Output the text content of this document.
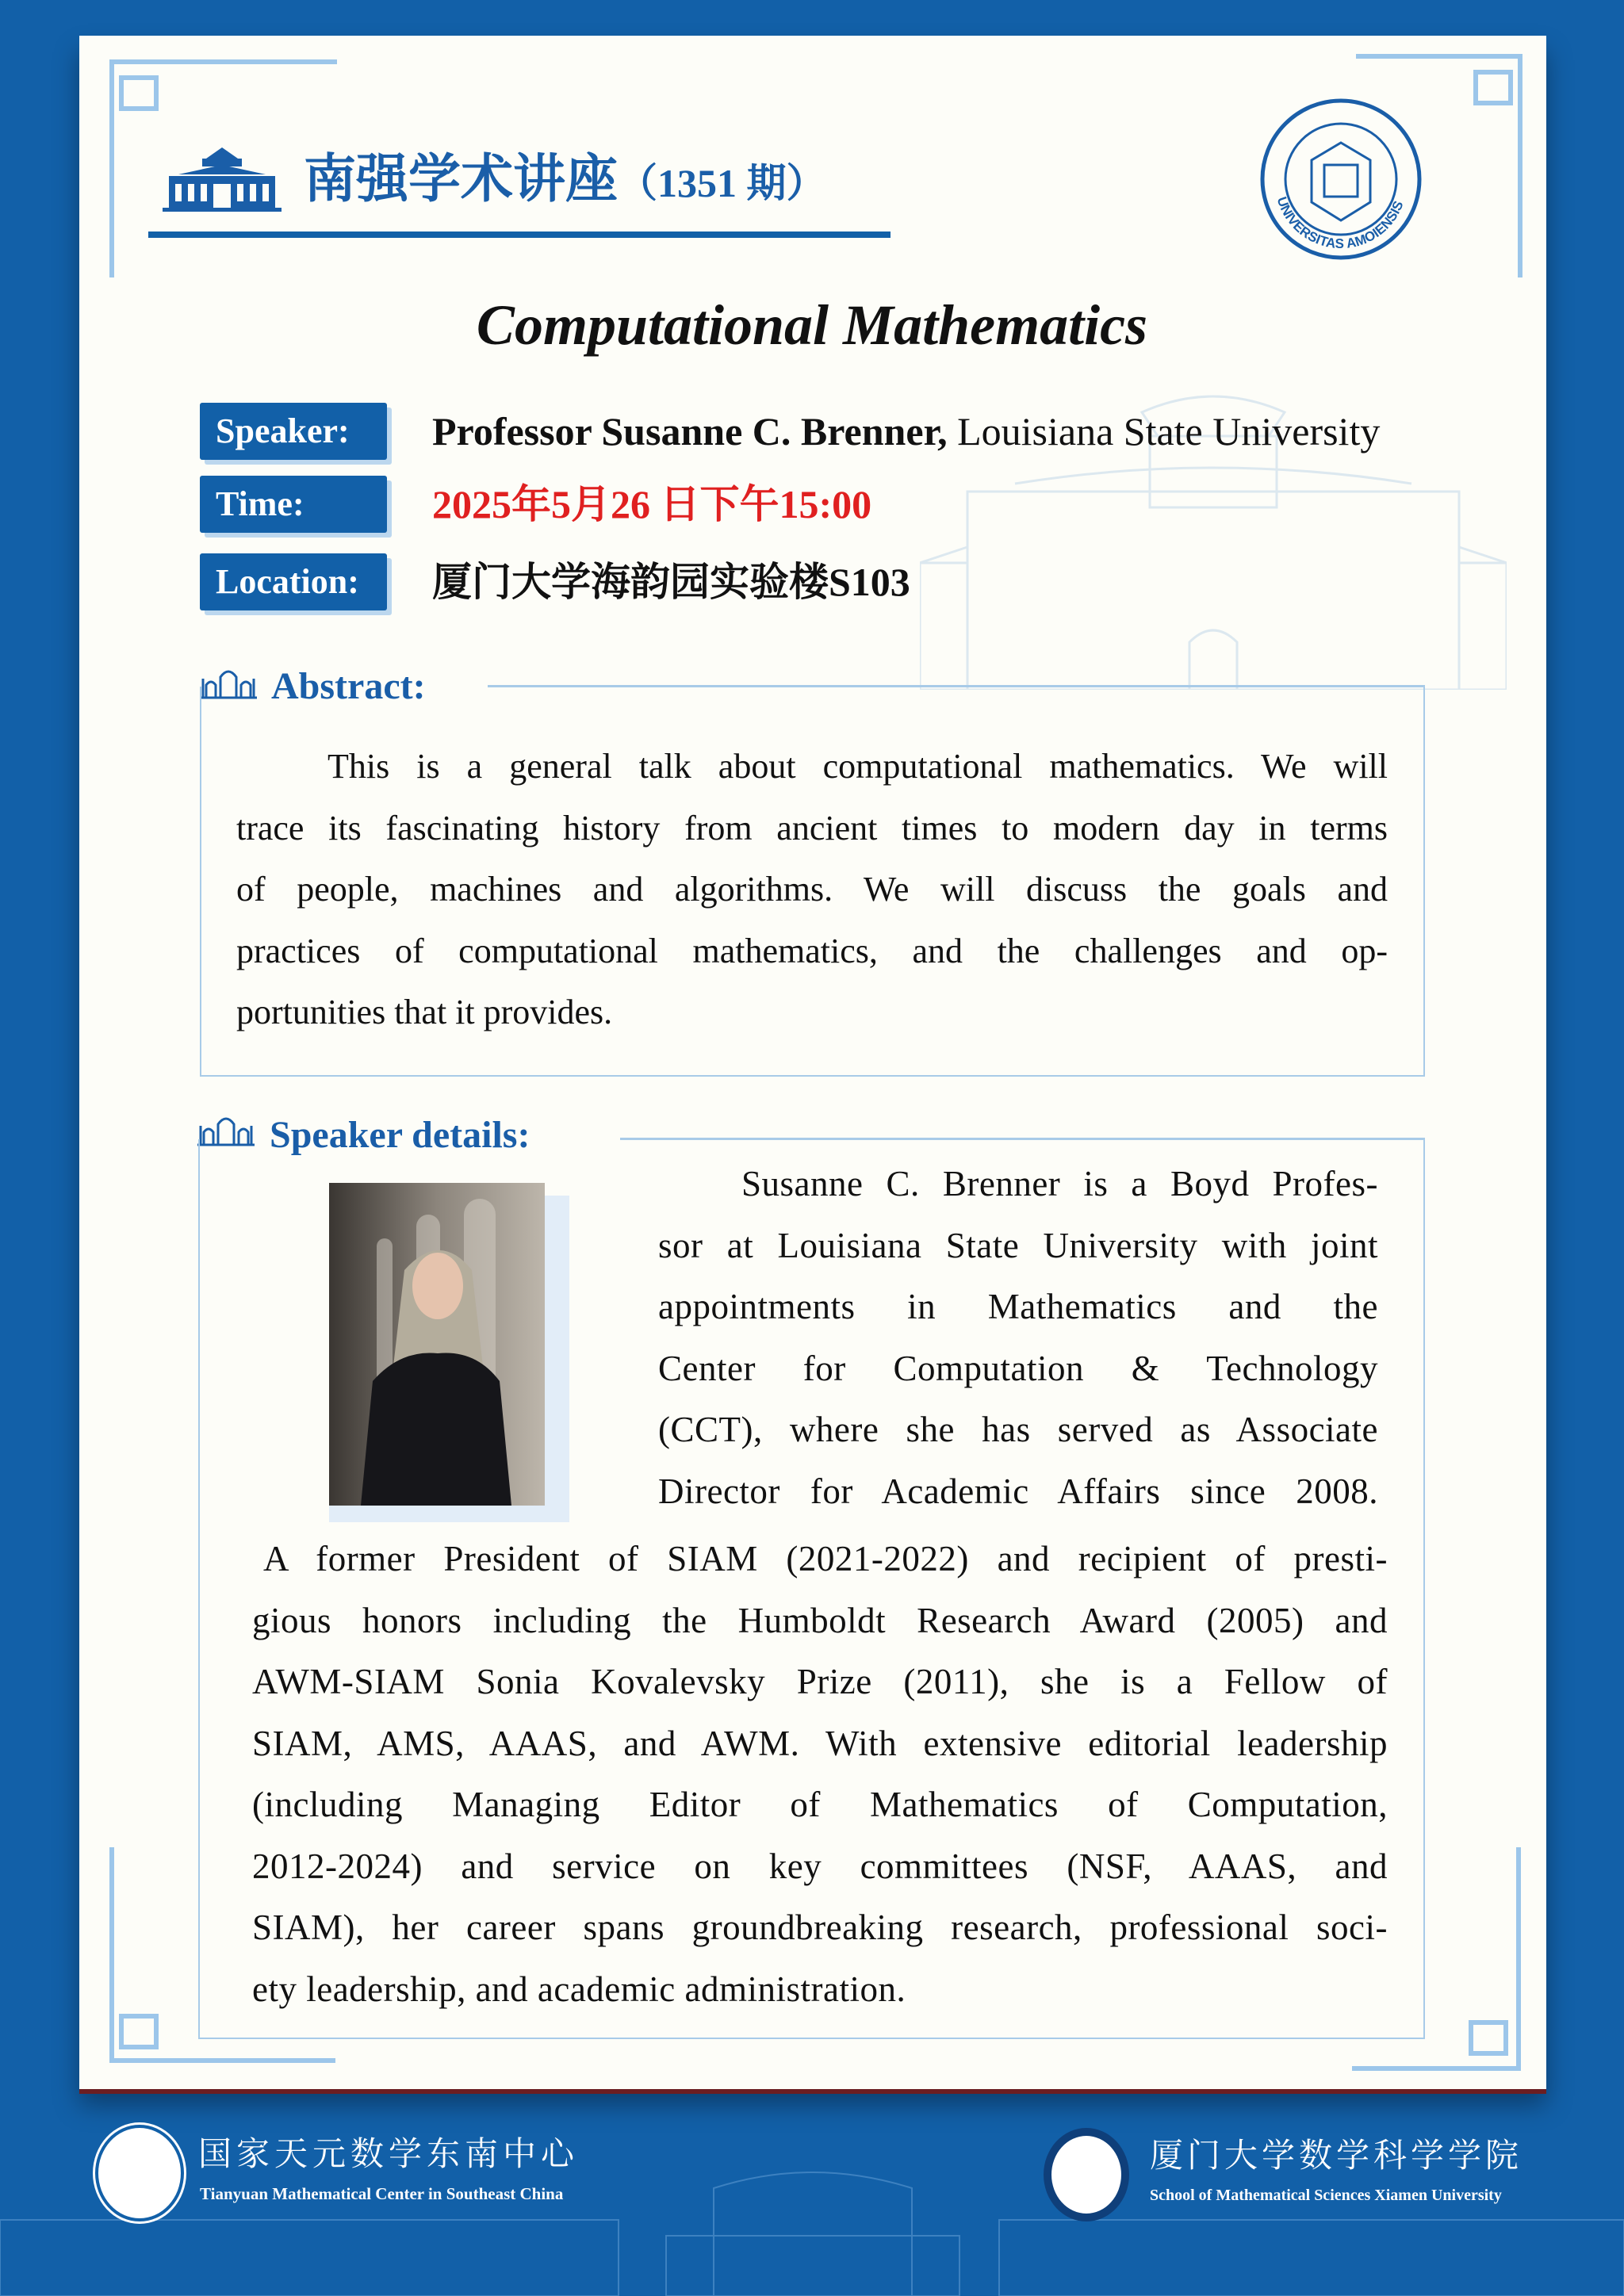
南强学术讲座（1351 期）	UNIVERSITAS AMOIENSIS
Computational Mathematics
Speaker:	Professor Susanne C. Brenner, Louisiana State University
Time:	2025年5月26 日下午15:00
Location:	厦门大学海韵园实验楼S103
Abstract:
This is a general talk about computational mathematics. We will
trace its fascinating history from ancient times to modern day in terms
of people, machines and algorithms. We will discuss the goals and
practices of computational mathematics, and the challenges and op-
portunities that it provides.
Speaker details:
Susanne C. Brenner is a Boyd Profes-
sor at Louisiana State University with joint
appointments in Mathematics and the
Center for Computation & Technology
(CCT), where she has served as Associate
Director for Academic Affairs since 2008.
A former President of SIAM (2021-2022) and recipient of presti-
gious honors including the Humboldt Research Award (2005) and
AWM-SIAM Sonia Kovalevsky Prize (2011), she is a Fellow of
SIAM, AMS, AAAS, and AWM. With extensive editorial leadership
(including Managing Editor of Mathematics of Computation,
2012-2024) and service on key committees (NSF, AAAS, and
SIAM), her career spans groundbreaking research, professional soci-
ety leadership, and academic administration.
国家天元数学东南中心
Tianyuan Mathematical Center in Southeast China
厦门大学数学科学学院
School of Mathematical Sciences Xiamen University
